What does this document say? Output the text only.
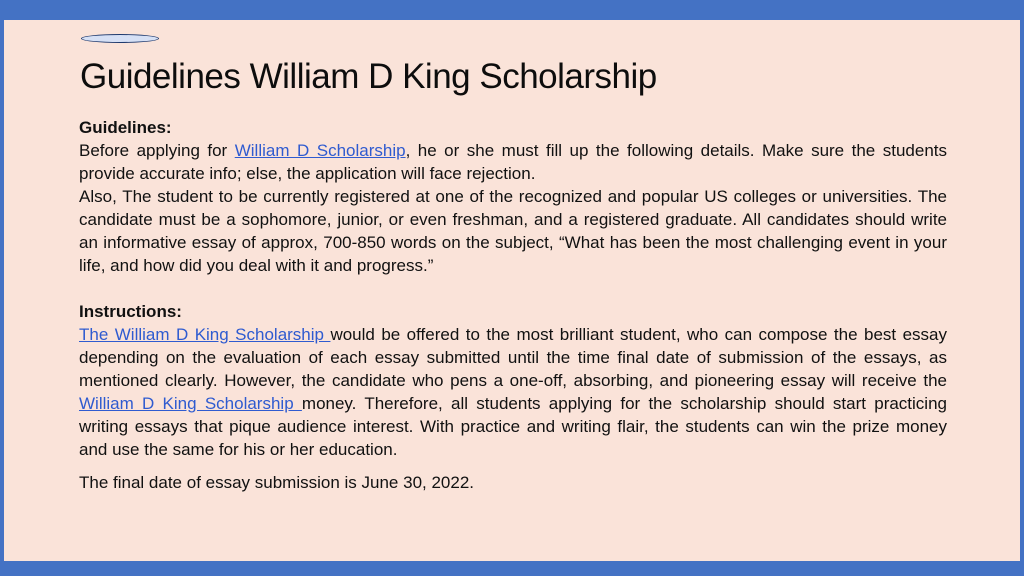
Guidelines William D King Scholarship

Guidelines:

Before applying for William D Scholarship, he or she must fill up the following details. Make sure the students provide accurate info; else, the application will face rejection.

Also, The student to be currently registered at one of the recognized and popular US colleges or universities. The candidate must be a sophomore, junior, or even freshman, and a registered graduate. All candidates should write an informative essay of approx, 700-850 words on the subject, “What has been the most challenging event in your life, and how did you deal with it and progress.”

Instructions:

The William D King Scholarship would be offered to the most brilliant student, who can compose the best essay depending on the evaluation of each essay submitted until the time final date of submission of the essays, as mentioned clearly. However, the candidate who pens a one-off, absorbing, and pioneering essay will receive the William D King Scholarship money. Therefore, all students applying for the scholarship should start practicing writing essays that pique audience interest. With practice and writing flair, the students can win the prize money and use the same for his or her education.

The final date of essay submission is June 30, 2022.
